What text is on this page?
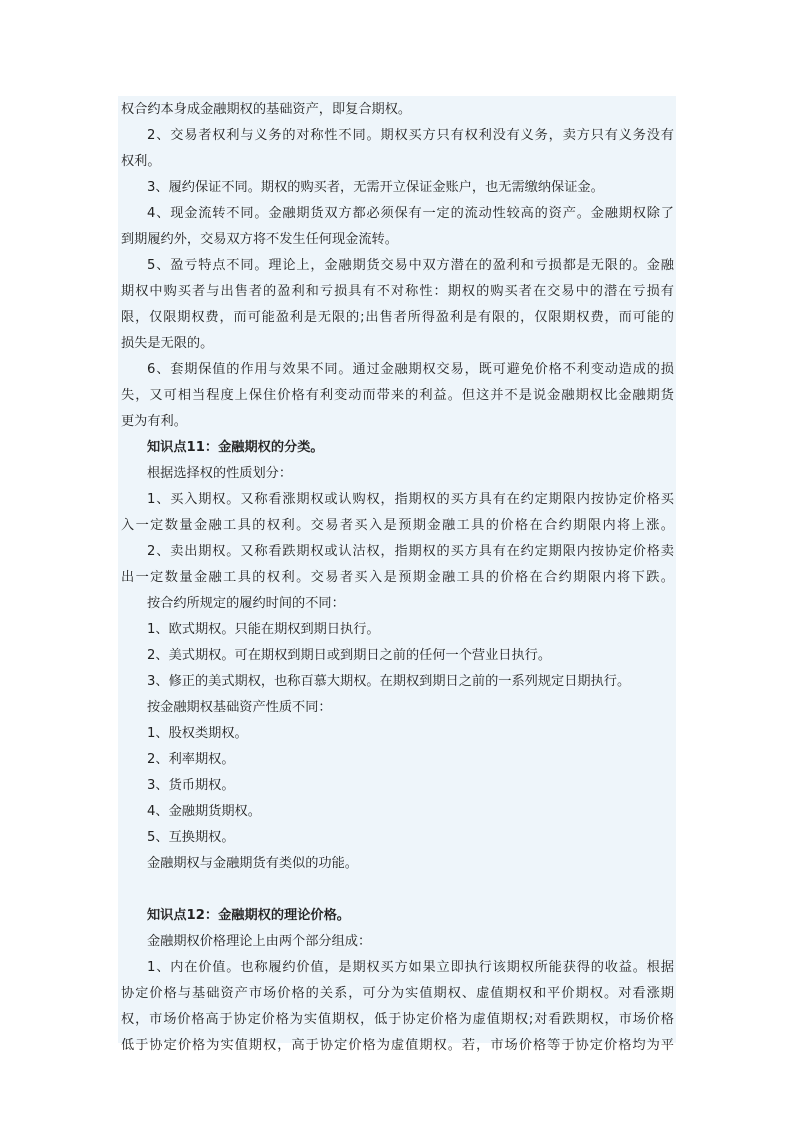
权合约本身成金融期权的基础资产，即复合期权。
2、交易者权利与义务的对称性不同。期权买方只有权利没有义务，卖方只有义务没有
权利。
3、履约保证不同。期权的购买者，无需开立保证金账户，也无需缴纳保证金。
4、现金流转不同。金融期货双方都必须保有一定的流动性较高的资产。金融期权除了
到期履约外，交易双方将不发生任何现金流转。
5、盈亏特点不同。理论上，金融期货交易中双方潜在的盈利和亏损都是无限的。金融
期权中购买者与出售者的盈利和亏损具有不对称性：期权的购买者在交易中的潜在亏损有
限，仅限期权费，而可能盈利是无限的;出售者所得盈利是有限的，仅限期权费，而可能的
损失是无限的。
6、套期保值的作用与效果不同。通过金融期权交易，既可避免价格不利变动造成的损
失，又可相当程度上保住价格有利变动而带来的利益。但这并不是说金融期权比金融期货
更为有利。
知识点11：金融期权的分类。
根据选择权的性质划分：
1、买入期权。又称看涨期权或认购权，指期权的买方具有在约定期限内按协定价格买
入一定数量金融工具的权利。交易者买入是预期金融工具的价格在合约期限内将上涨。
2、卖出期权。又称看跌期权或认沽权，指期权的买方具有在约定期限内按协定价格卖
出一定数量金融工具的权利。交易者买入是预期金融工具的价格在合约期限内将下跌。
按合约所规定的履约时间的不同：
1、欧式期权。只能在期权到期日执行。
2、美式期权。可在期权到期日或到期日之前的任何一个营业日执行。
3、修正的美式期权，也称百慕大期权。在期权到期日之前的一系列规定日期执行。
按金融期权基础资产性质不同：
1、股权类期权。
2、利率期权。
3、货币期权。
4、金融期货期权。
5、互换期权。
金融期权与金融期货有类似的功能。
知识点12：金融期权的理论价格。
金融期权价格理论上由两个部分组成：
1、内在价值。也称履约价值，是期权买方如果立即执行该期权所能获得的收益。根据
协定价格与基础资产市场价格的关系，可分为实值期权、虚值期权和平价期权。对看涨期
权，市场价格高于协定价格为实值期权，低于协定价格为虚值期权;对看跌期权，市场价格
低于协定价格为实值期权，高于协定价格为虚值期权。若，市场价格等于协定价格均为平
